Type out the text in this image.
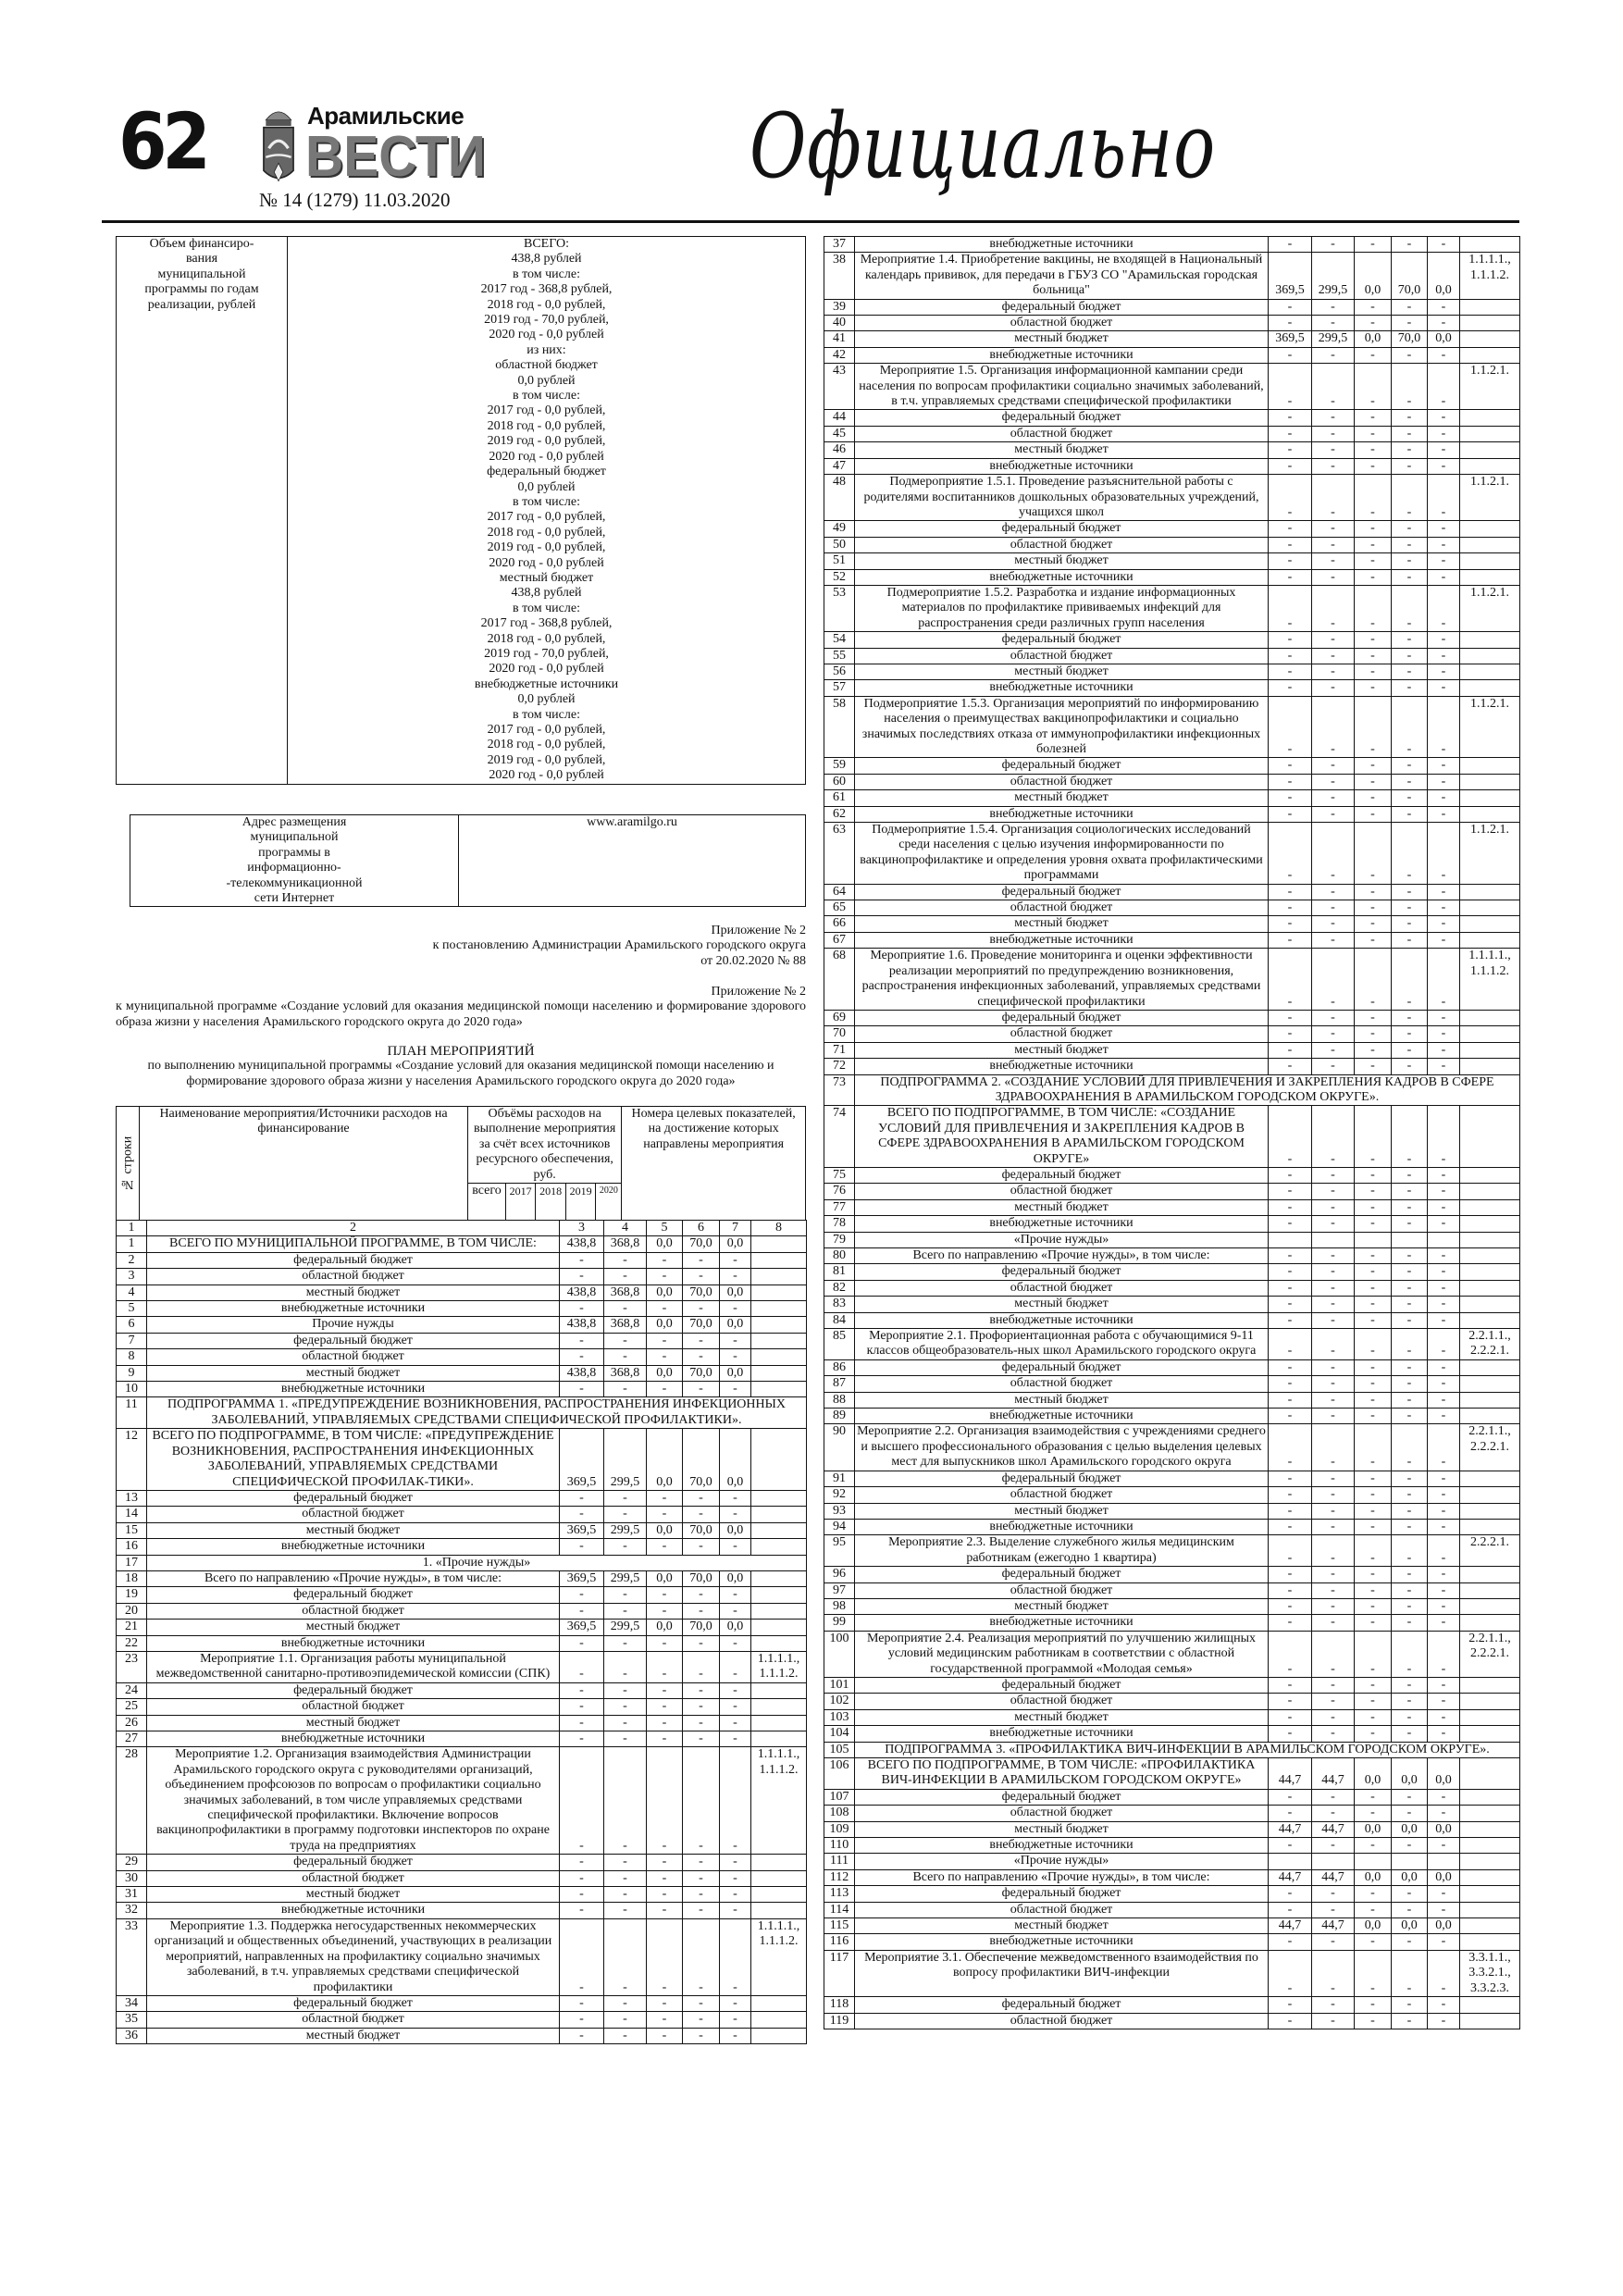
62	Арамильские
ВЕСТИ
№ 14 (1279) 11.03.2020
Официально
Объем финансиро-
вания
муниципальной
программы по годам
реализации, рублей	ВСЕГО:
438,8 рублей
в том числе:
2017 год - 368,8 рублей,
2018 год - 0,0 рублей,
2019 год - 70,0 рублей,
2020 год - 0,0 рублей
из них:
областной бюджет
0,0 рублей
в том числе:
2017 год - 0,0 рублей,
2018 год - 0,0 рублей,
2019 год - 0,0 рублей,
2020 год - 0,0 рублей
федеральный бюджет
0,0 рублей
в том числе:
2017 год - 0,0 рублей,
2018 год - 0,0 рублей,
2019 год - 0,0 рублей,
2020 год - 0,0 рублей
местный бюджет
438,8 рублей
в том числе:
2017 год - 368,8 рублей,
2018 год - 0,0 рублей,
2019 год - 70,0 рублей,
2020 год - 0,0 рублей
внебюджетные источники
0,0 рублей
в том числе:
2017 год - 0,0 рублей,
2018 год - 0,0 рублей,
2019 год - 0,0 рублей,
2020 год - 0,0 рублей
Адрес размещения
муниципальной
программы в
информационно-
-телекоммуникационной
сети Интернет	www.aramilgo.ru
Приложение № 2
к постановлению Администрации Арамильского городского округа
от 20.02.2020 № 88
Приложение № 2
к муниципальной программе «Создание условий для оказания медицинской помощи населению и формирование здорового образа жизни у населения Арамильского городского округа до 2020 года»
ПЛАН МЕРОПРИЯТИЙ
по выполнению муниципальной программы «Создание условий для оказания медицинской помощи населению и формирование здорового образа жизни у населения Арамильского городского округа до 2020 года»
№ строки	Наименование мероприятия/Источники расходов на финансирование	Объёмы расходов на выполнение мероприятия за счёт всех источников ресурсного обеспечения, руб.					Номера целевых показателей, на достижение которых направлены мероприятия
		всего	2017	2018	2019	2020	
1	2	3	4	5	6	7	8
1	ВСЕГО ПО МУНИЦИПАЛЬНОЙ ПРОГРАММЕ, В ТОМ ЧИСЛЕ:	438,8	368,8	0,0	70,0	0,0	
2	федеральный бюджет	-	-	-	-	-	
3	областной бюджет	-	-	-	-	-	
4	местный бюджет	438,8	368,8	0,0	70,0	0,0	
5	внебюджетные источники	-	-	-	-	-	
6	Прочие нужды	438,8	368,8	0,0	70,0	0,0	
7	федеральный бюджет	-	-	-	-	-	
8	областной бюджет	-	-	-	-	-	
9	местный бюджет	438,8	368,8	0,0	70,0	0,0	
10	внебюджетные источники	-	-	-	-	-	
11	ПОДПРОГРАММА 1. «ПРЕДУПРЕЖДЕНИЕ ВОЗНИКНОВЕНИЯ, РАСПРОСТРАНЕНИЯ ИНФЕКЦИОННЫХ ЗАБОЛЕВАНИЙ, УПРАВЛЯЕМЫХ СРЕДСТВАМИ СПЕЦИФИЧЕСКОЙ ПРОФИЛАКТИКИ».						
12	ВСЕГО ПО ПОДПРОГРАММЕ, В ТОМ ЧИСЛЕ: «ПРЕДУПРЕЖДЕНИЕ ВОЗНИКНОВЕНИЯ, РАСПРОСТРАНЕНИЯ ИНФЕКЦИОННЫХ ЗАБОЛЕВАНИЙ, УПРАВЛЯЕМЫХ СРЕДСТВАМИ СПЕЦИФИЧЕСКОЙ ПРОФИЛАК-ТИКИ».	369,5	299,5	0,0	70,0	0,0	
13	федеральный бюджет	-	-	-	-	-	
14	областной бюджет	-	-	-	-	-	
15	местный бюджет	369,5	299,5	0,0	70,0	0,0	
16	внебюджетные источники	-	-	-	-	-	
17	1. «Прочие нужды»						
18	Всего по направлению «Прочие нужды», в том числе:	369,5	299,5	0,0	70,0	0,0	
19	федеральный бюджет	-	-	-	-	-	
20	областной бюджет	-	-	-	-	-	
21	местный бюджет	369,5	299,5	0,0	70,0	0,0	
22	внебюджетные источники	-	-	-	-	-	
23	Мероприятие 1.1. Организация работы муниципальной межведомственной санитарно-противоэпидемической комиссии (СПК)	-	-	-	-	-	1.1.1.1., 1.1.1.2.
24	федеральный бюджет	-	-	-	-	-	
25	областной бюджет	-	-	-	-	-	
26	местный бюджет	-	-	-	-	-	
27	внебюджетные источники	-	-	-	-	-	
28	Мероприятие 1.2. Организация взаимодействия Администрации Арамильского городского округа с руководителями организаций, объединением профсоюзов по вопросам о профилактики социально значимых заболеваний, в том числе управляемых средствами специфической профилактики. Включение вопросов вакцинопрофилактики в программу подготовки инспекторов по охране труда на предприятиях	-	-	-	-	-	1.1.1.1., 1.1.1.2.
29	федеральный бюджет	-	-	-	-	-	
30	областной бюджет	-	-	-	-	-	
31	местный бюджет	-	-	-	-	-	
32	внебюджетные источники	-	-	-	-	-	
33	Мероприятие 1.3. Поддержка негосударственных некоммерческих организаций и общественных объединений, участвующих в реализации мероприятий, направленных на профилактику социально значимых заболеваний, в т.ч. управляемых средствами специфической профилактики	-	-	-	-	-	1.1.1.1., 1.1.1.2.
34	федеральный бюджет	-	-	-	-	-	
35	областной бюджет	-	-	-	-	-	
36	местный бюджет	-	-	-	-	-	
37	внебюджетные источники	-	-	-	-	-	
38	Мероприятие 1.4. Приобретение вакцины, не входящей в Национальный календарь прививок, для передачи в ГБУЗ СО "Арамильская городская больница"	369,5	299,5	0,0	70,0	0,0	1.1.1.1., 1.1.1.2.
39	федеральный бюджет	-	-	-	-	-	
40	областной бюджет	-	-	-	-	-	
41	местный бюджет	369,5	299,5	0,0	70,0	0,0	
42	внебюджетные источники	-	-	-	-	-	
43	Мероприятие 1.5. Организация информационной кампании среди населения по вопросам профилактики социально значимых заболеваний, в т.ч. управляемых средствами специфической профилактики	-	-	-	-	-	1.1.2.1.
44	федеральный бюджет	-	-	-	-	-	
45	областной бюджет	-	-	-	-	-	
46	местный бюджет	-	-	-	-	-	
47	внебюджетные источники	-	-	-	-	-	
48	Подмероприятие 1.5.1. Проведение разъяснительной работы с родителями воспитанников дошкольных образовательных учреждений, учащихся школ	-	-	-	-	-	1.1.2.1.
49	федеральный бюджет	-	-	-	-	-	
50	областной бюджет	-	-	-	-	-	
51	местный бюджет	-	-	-	-	-	
52	внебюджетные источники	-	-	-	-	-	
53	Подмероприятие 1.5.2. Разработка и издание информационных материалов по профилактике прививаемых инфекций для распространения среди различных групп населения	-	-	-	-	-	1.1.2.1.
54	федеральный бюджет	-	-	-	-	-	
55	областной бюджет	-	-	-	-	-	
56	местный бюджет	-	-	-	-	-	
57	внебюджетные источники	-	-	-	-	-	
58	Подмероприятие 1.5.3. Организация мероприятий по информированию населения о преимуществах вакцинопрофилактики и социально значимых последствиях отказа от иммунопрофилактики инфекционных болезней	-	-	-	-	-	1.1.2.1.
59	федеральный бюджет	-	-	-	-	-	
60	областной бюджет	-	-	-	-	-	
61	местный бюджет	-	-	-	-	-	
62	внебюджетные источники	-	-	-	-	-	
63	Подмероприятие 1.5.4. Организация социологических исследований среди населения с целью изучения информированности по вакцинопрофилактике и определения уровня охвата профилактическими программами	-	-	-	-	-	1.1.2.1.
64	федеральный бюджет	-	-	-	-	-	
65	областной бюджет	-	-	-	-	-	
66	местный бюджет	-	-	-	-	-	
67	внебюджетные источники	-	-	-	-	-	
68	Мероприятие 1.6. Проведение мониторинга и оценки эффективности реализации мероприятий по предупреждению возникновения, распространения инфекционных заболеваний, управляемых средствами специфической профилактики	-	-	-	-	-	1.1.1.1., 1.1.1.2.
69	федеральный бюджет	-	-	-	-	-	
70	областной бюджет	-	-	-	-	-	
71	местный бюджет	-	-	-	-	-	
72	внебюджетные источники	-	-	-	-	-	
73	ПОДПРОГРАММА 2. «СОЗДАНИЕ УСЛОВИЙ ДЛЯ ПРИВЛЕЧЕНИЯ И ЗАКРЕПЛЕНИЯ КАДРОВ В СФЕРЕ ЗДРАВООХРАНЕНИЯ В АРАМИЛЬСКОМ ГОРОДСКОМ ОКРУГЕ».						
74	ВСЕГО ПО ПОДПРОГРАММЕ, В ТОМ ЧИСЛЕ: «СОЗДАНИЕ УСЛОВИЙ ДЛЯ ПРИВЛЕЧЕНИЯ И ЗАКРЕПЛЕНИЯ КАДРОВ В СФЕРЕ ЗДРАВООХРАНЕНИЯ В АРАМИЛЬСКОМ ГОРОДСКОМ ОКРУГЕ»	-	-	-	-	-	
75	федеральный бюджет	-	-	-	-	-	
76	областной бюджет	-	-	-	-	-	
77	местный бюджет	-	-	-	-	-	
78	внебюджетные источники	-	-	-	-	-	
79	«Прочие нужды»						
80	Всего по направлению «Прочие нужды», в том числе:	-	-	-	-	-	
81	федеральный бюджет	-	-	-	-	-	
82	областной бюджет	-	-	-	-	-	
83	местный бюджет	-	-	-	-	-	
84	внебюджетные источники	-	-	-	-	-	
85	Мероприятие 2.1. Профориентационная работа с обучающимися 9-11 классов общеобразователь-ных школ Арамильского городского округа	-	-	-	-	-	2.2.1.1., 2.2.2.1.
86	федеральный бюджет	-	-	-	-	-	
87	областной бюджет	-	-	-	-	-	
88	местный бюджет	-	-	-	-	-	
89	внебюджетные источники	-	-	-	-	-	
90	Мероприятие 2.2. Организация взаимодействия с учреждениями среднего и высшего профессионального образования с целью выделения целевых мест для выпускников школ Арамильского городского округа	-	-	-	-	-	2.2.1.1., 2.2.2.1.
91	федеральный бюджет	-	-	-	-	-	
92	областной бюджет	-	-	-	-	-	
93	местный бюджет	-	-	-	-	-	
94	внебюджетные источники	-	-	-	-	-	
95	Мероприятие 2.3. Выделение служебного жилья медицинским работникам (ежегодно 1 квартира)	-	-	-	-	-	2.2.2.1.
96	федеральный бюджет	-	-	-	-	-	
97	областной бюджет	-	-	-	-	-	
98	местный бюджет	-	-	-	-	-	
99	внебюджетные источники	-	-	-	-	-	
100	Мероприятие 2.4. Реализация мероприятий по улучшению жилищных условий медицинским работникам в соответствии с областной государственной программой «Молодая семья»	-	-	-	-	-	2.2.1.1., 2.2.2.1.
101	федеральный бюджет	-	-	-	-	-	
102	областной бюджет	-	-	-	-	-	
103	местный бюджет	-	-	-	-	-	
104	внебюджетные источники	-	-	-	-	-	
105	ПОДПРОГРАММА 3. «ПРОФИЛАКТИКА ВИЧ-ИНФЕКЦИИ В АРАМИЛЬСКОМ ГОРОДСКОМ ОКРУГЕ».						
106	ВСЕГО ПО ПОДПРОГРАММЕ, В ТОМ ЧИСЛЕ: «ПРОФИЛАКТИКА ВИЧ-ИНФЕКЦИИ В АРАМИЛЬСКОМ ГОРОДСКОМ ОКРУГЕ»	44,7	44,7	0,0	0,0	0,0	
107	федеральный бюджет	-	-	-	-	-	
108	областной бюджет	-	-	-	-	-	
109	местный бюджет	44,7	44,7	0,0	0,0	0,0	
110	внебюджетные источники	-	-	-	-	-	
111	«Прочие нужды»						
112	Всего по направлению «Прочие нужды», в том числе:	44,7	44,7	0,0	0,0	0,0	
113	федеральный бюджет	-	-	-	-	-	
114	областной бюджет	-	-	-	-	-	
115	местный бюджет	44,7	44,7	0,0	0,0	0,0	
116	внебюджетные источники	-	-	-	-	-	
117	Мероприятие 3.1. Обеспечение межведомственного взаимодействия по вопросу профилактики ВИЧ-инфекции	-	-	-	-	-	3.3.1.1., 3.3.2.1., 3.3.2.3.
118	федеральный бюджет	-	-	-	-	-	
119	областной бюджет	-	-	-	-	-	
